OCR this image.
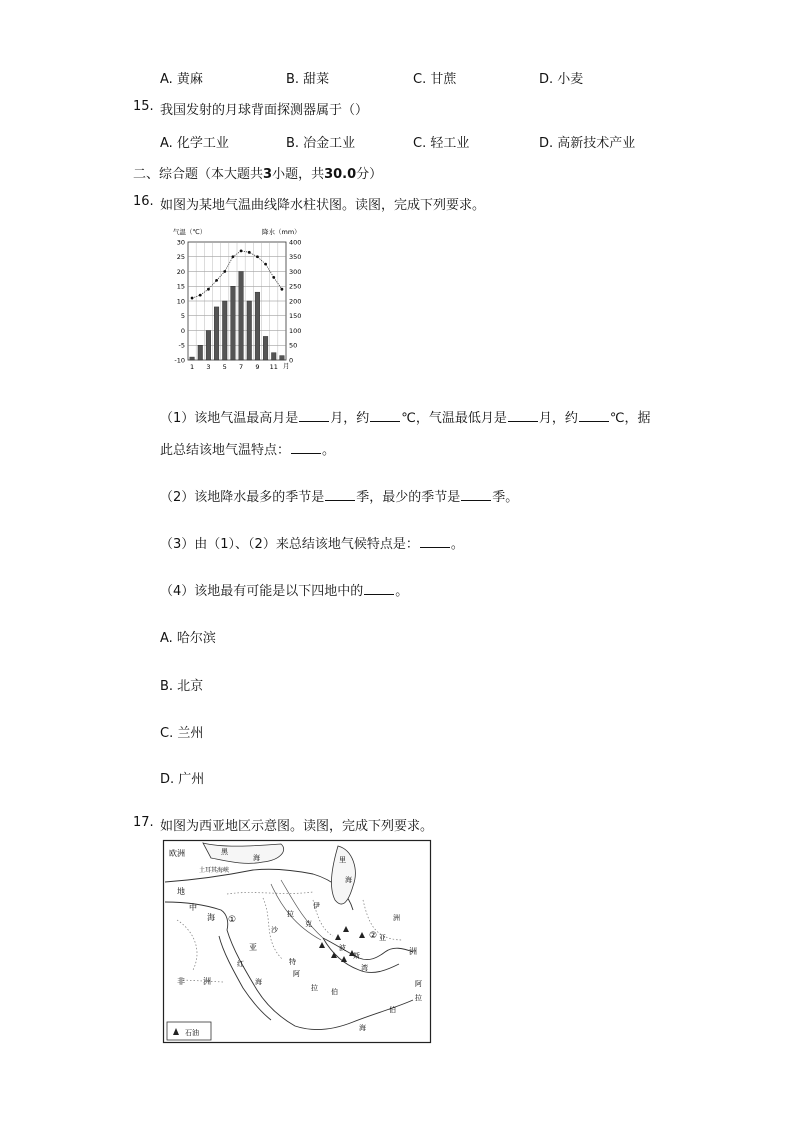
A. 黄麻	B. 甜菜	C. 甘蔗	D. 小麦
15. 我国发射的月球背面探测器属于（）
A. 化学工业	B. 冶金工业	C. 轻工业	D. 高新技术产业
二、综合题（本大题共3小题，共30.0分）
16. 如图为某地气温曲线降水柱状图。读图，完成下列要求。
气温（℃）	降水（mm）
30
25
20
15
10
5
0
-5
-10
400
350
300
250
200
150
100
50
0
1 3 5 7 9 11 月
（1）该地气温最高月是 月，约 ℃，气温最低月是 月，约 ℃，据
此总结该地气温特点： 。
（2）该地降水最多的季节是 季，最少的季节是 季。
（3）由（1）、（2）来总结该地气候特点是： 。
（4）该地最有可能是以下四地中的 。
A. 哈尔滨
B. 北京
C. 兰州
D. 广州
17. 如图为西亚地区示意图。读图，完成下列要求。
①
②
欧洲	黑
海
土耳其海峡
里
海
地
中
海
伊
拉
克
亚	洲
红
海
沙
特
阿
拉 伯
波
斯
湾
非 洲
亚
洲
海
阿
拉
伯
石油
